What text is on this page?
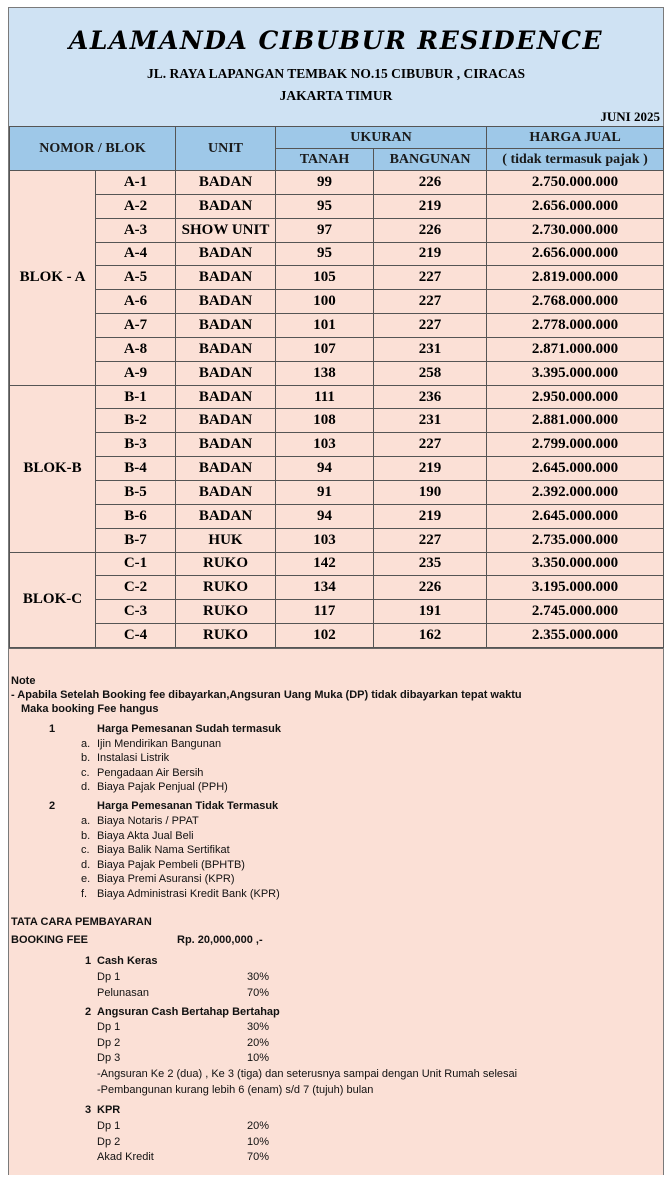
ALAMANDA CIBUBUR RESIDENCE
JL. RAYA LAPANGAN TEMBAK NO.15 CIBUBUR , CIRACAS
JAKARTA TIMUR
JUNI 2025
NOMOR / BLOK		UNIT	UKURAN		HARGA JUAL
			TANAH	BANGUNAN	( tidak termasuk pajak )
BLOK - A	A-1	BADAN	99	226	2.750.000.000
	A-2	BADAN	95	219	2.656.000.000
	A-3	SHOW UNIT	97	226	2.730.000.000
	A-4	BADAN	95	219	2.656.000.000
	A-5	BADAN	105	227	2.819.000.000
	A-6	BADAN	100	227	2.768.000.000
	A-7	BADAN	101	227	2.778.000.000
	A-8	BADAN	107	231	2.871.000.000
	A-9	BADAN	138	258	3.395.000.000
BLOK-B	B-1	BADAN	111	236	2.950.000.000
	B-2	BADAN	108	231	2.881.000.000
	B-3	BADAN	103	227	2.799.000.000
	B-4	BADAN	94	219	2.645.000.000
	B-5	BADAN	91	190	2.392.000.000
	B-6	BADAN	94	219	2.645.000.000
	B-7	HUK	103	227	2.735.000.000
BLOK-C	C-1	RUKO	142	235	3.350.000.000
	C-2	RUKO	134	226	3.195.000.000
	C-3	RUKO	117	191	2.745.000.000
	C-4	RUKO	102	162	2.355.000.000
Note
- Apabila Setelah Booking fee dibayarkan,Angsuran Uang Muka (DP) tidak dibayarkan tepat waktu
Maka booking Fee hangus
1	Harga Pemesanan Sudah termasuk
a. Ijin Mendirikan Bangunan
b. Instalasi Listrik
c. Pengadaan Air Bersih
d. Biaya Pajak Penjual (PPH)
2	Harga Pemesanan Tidak Termasuk
a. Biaya Notaris / PPAT
b. Biaya Akta Jual Beli
c. Biaya Balik Nama Sertifikat
d. Biaya Pajak Pembeli (BPHTB)
e. Biaya Premi Asuransi (KPR)
f. Biaya Administrasi Kredit Bank (KPR)
TATA CARA PEMBAYARAN
BOOKING FEE	Rp. 20,000,000 ,-
1 Cash Keras
Dp 1	30%
Pelunasan	70%
2 Angsuran Cash Bertahap Bertahap
Dp 1	30%
Dp 2	20%
Dp 3	10%
-Angsuran Ke 2 (dua) , Ke 3 (tiga) dan seterusnya sampai dengan Unit Rumah selesai
-Pembangunan kurang lebih 6 (enam) s/d 7 (tujuh) bulan
3 KPR
Dp 1	20%
Dp 2	10%
Akad Kredit	70%
